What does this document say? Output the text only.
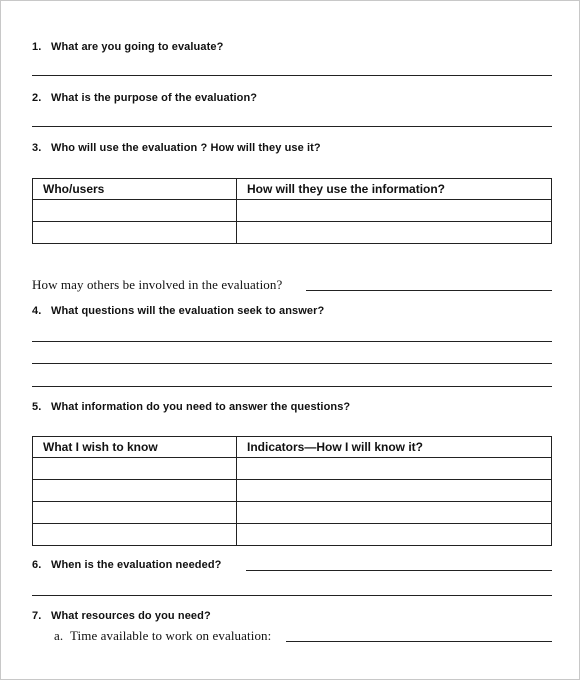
1. What are you going to evaluate?
2. What is the purpose of the evaluation?
3. Who will use the evaluation ? How will they use it?
Who/users	How will they use the information?

How may others be involved in the evaluation?
4. What questions will the evaluation seek to answer?
5. What information do you need to answer the questions?
What I wish to know	Indicators—How I will know it?

6. When is the evaluation needed?
7. What resources do you need?
a. Time available to work on evaluation:
